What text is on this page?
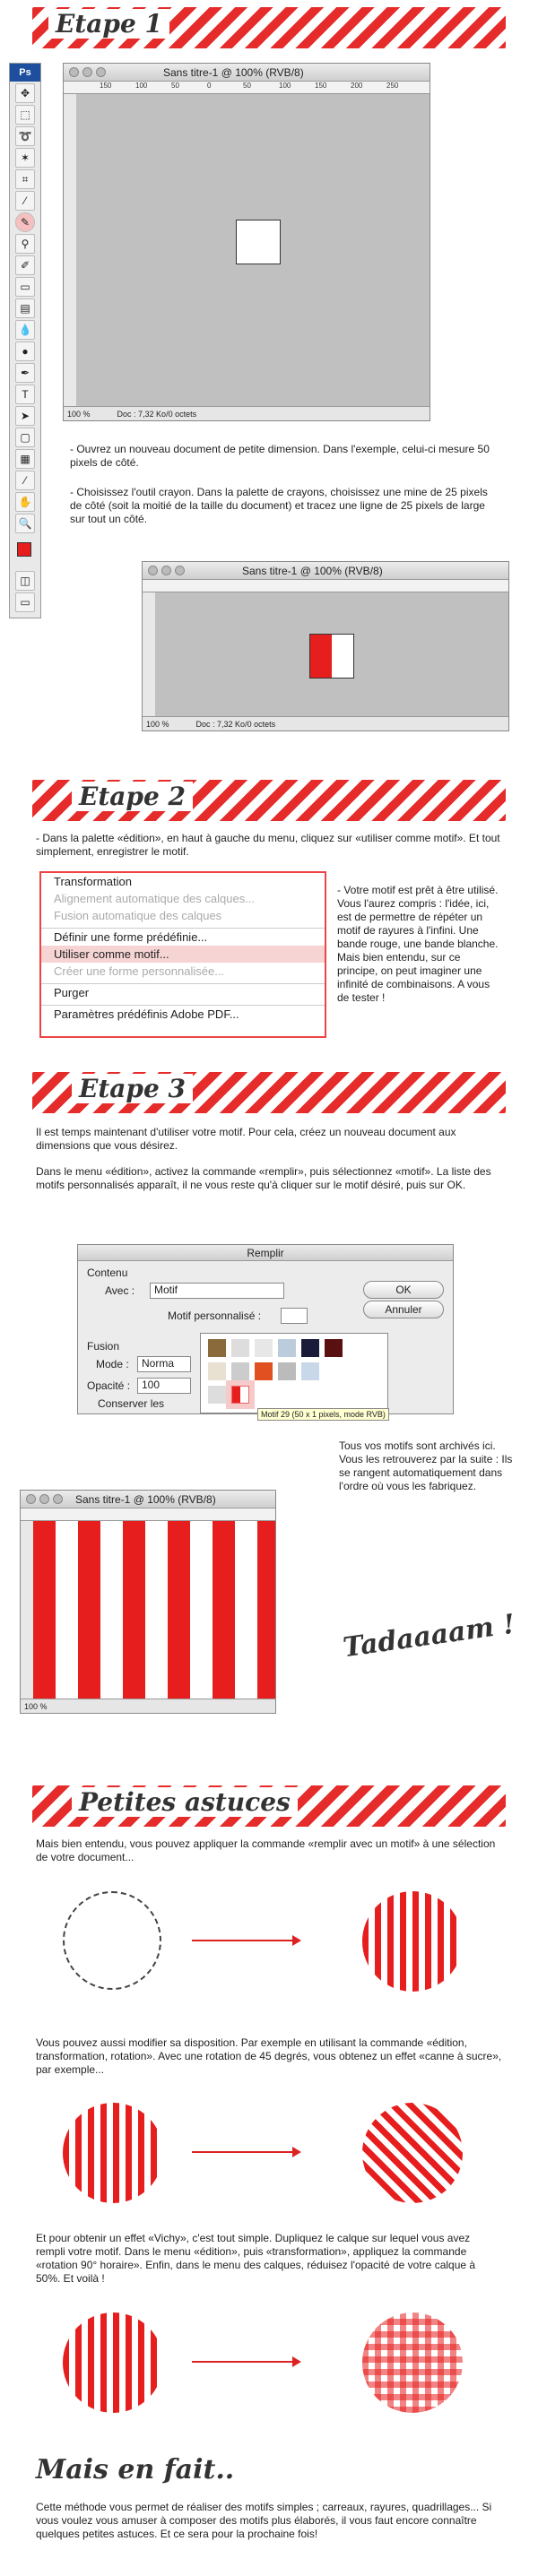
Etape 1
Ps
✥
⬚
➰
✶
⌗
⁄
✎
⚲
✐
▭
▤
💧
●
✒
T
➤
▢
▦
⁄
✋
🔍
◫
▭
Sans titre-1 @ 100% (RVB/8)
150	100	50	0	50	100	150	200	250
100 %	Doc : 7,32 Ko/0 octets
- Ouvrez un nouveau document de petite dimension. Dans l'exemple, celui-ci mesure 50 pixels de côté.
- Choisissez l'outil crayon. Dans la palette de crayons, choisissez une mine de 25 pixels de côté (soit la moitié de la taille du document) et tracez une ligne de 25 pixels de large sur tout un côté.
Sans titre-1 @ 100% (RVB/8)
100 %	Doc : 7,32 Ko/0 octets
Etape 2
- Dans la palette «édition», en haut à gauche du menu, cliquez sur «utiliser comme motif». Et tout simplement, enregistrer le motif.
Transformation
Alignement automatique des calques...
Fusion automatique des calques
Définir une forme prédéfinie...
Utiliser comme motif...
Créer une forme personnalisée...
Purger
Paramètres prédéfinis Adobe PDF...
- Votre motif est prêt à être utilisé. Vous l'aurez compris : l'idée, ici, est de permettre de répéter un motif de rayures à l'infini. Une bande rouge, une bande blanche. Mais bien entendu, sur ce principe, on peut imaginer une infinité de combinaisons. A vous de tester !
Etape 3
Il est temps maintenant d'utiliser votre motif. Pour cela, créez un nouveau document aux dimensions que vous désirez.
Dans le menu «édition», activez la commande «remplir», puis sélectionnez «motif». La liste des motifs personnalisés apparaît, il ne vous reste qu'à cliquer sur le motif désiré, puis sur OK.
Remplir
Contenu
Avec :	Motif
Motif personnalisé :
Fusion
Mode :	Norma
Opacité :	100
Conserver les
OK
Annuler
Motif 29 (50 x 1 pixels, mode RVB)
Tous vos motifs sont archivés ici. Vous les retrouverez par la suite : Ils se rangent automatiquement dans l'ordre où vous les fabriquez.
Sans titre-1 @ 100% (RVB/8)
100 %
Tadaaaam !
Petites astuces
Mais bien entendu, vous pouvez appliquer la commande «remplir avec un motif» à une sélection de votre document...
Vous pouvez aussi modifier sa disposition. Par exemple en utilisant la commande «édition, transformation, rotation». Avec une rotation de 45 degrés, vous obtenez un effet «canne à sucre», par exemple...
Et pour obtenir un effet «Vichy», c'est tout simple. Dupliquez le calque sur lequel vous avez rempli votre motif. Dans le menu «édition», puis «transformation», appliquez la commande «rotation 90° horaire». Enfin, dans le menu des calques, réduisez l'opacité de votre calque à 50%. Et voilà !
Mais en fait..
Cette méthode vous permet de réaliser des motifs simples ; carreaux, rayures, quadrillages... Si vous voulez vous amuser à composer des motifs plus élaborés, il vous faut encore connaître quelques petites astuces. Et ce sera pour la prochaine fois!
